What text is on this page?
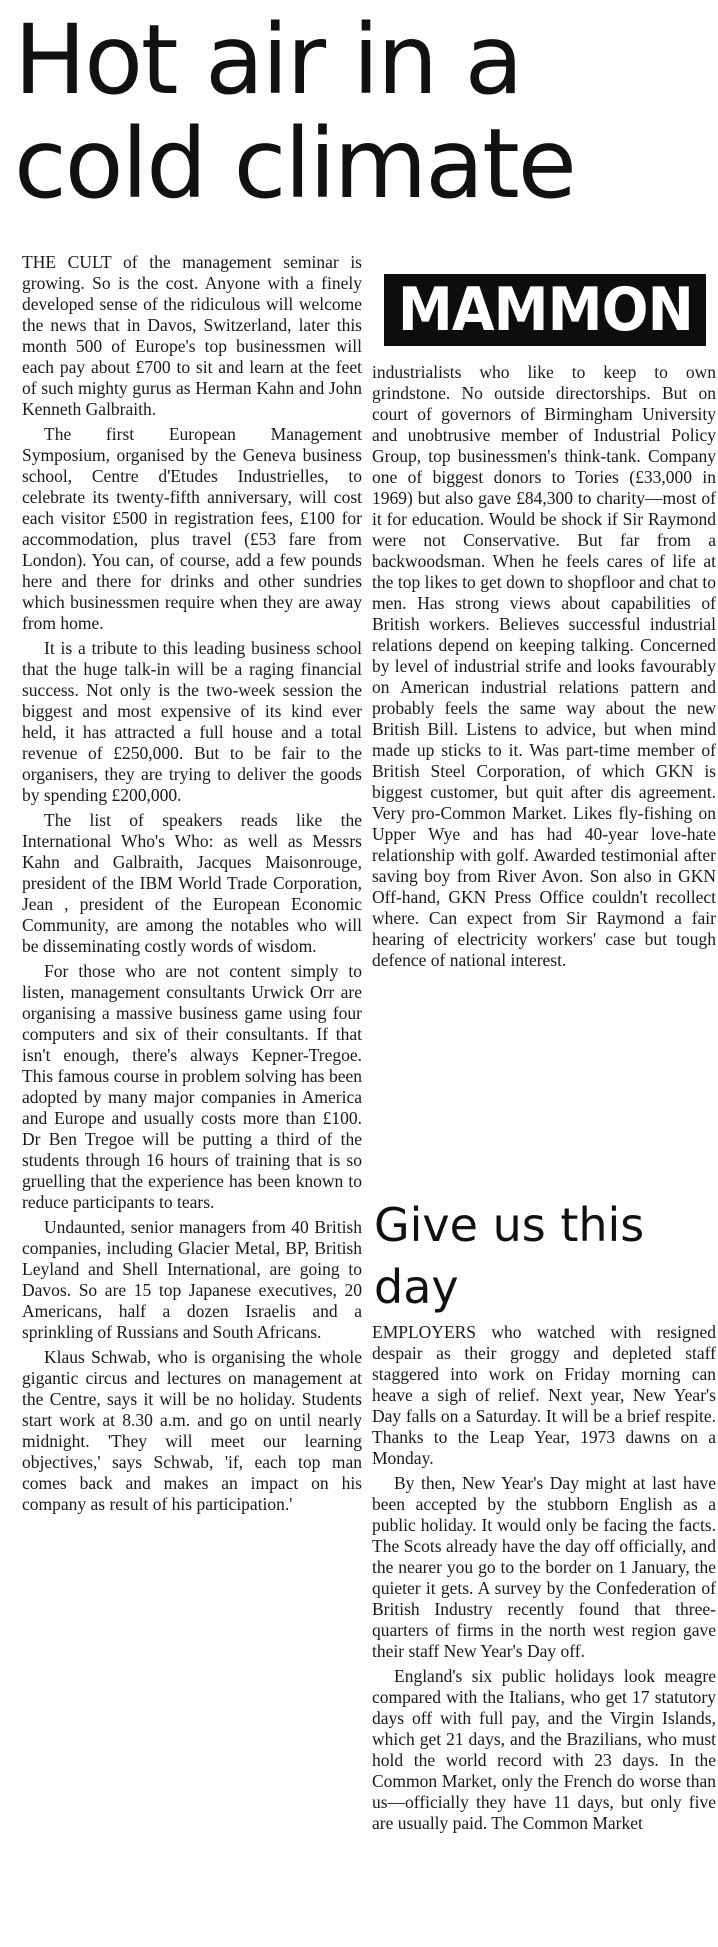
Hot air in a cold climate

THE CULT of the management seminar is growing. So is the cost. Anyone with a finely developed sense of the ridiculous will welcome the news that in Davos, Switzerland, later this month 500 of Europe's top businessmen will each pay about £700 to sit and learn at the feet of such mighty gurus as Herman Kahn and John Kenneth Galbraith.

The first European Management Symposium, organised by the Geneva business school, Centre d'Etudes Industrielles, to celebrate its twenty-fifth anniversary, will cost each visitor £500 in registration fees, £100 for accommodation, plus travel (£53 fare from London). You can, of course, add a few pounds here and there for drinks and other sundries which businessmen require when they are away from home.

It is a tribute to this leading business school that the huge talk-in will be a raging financial success. Not only is the two-week session the biggest and most expensive of its kind ever held, it has attracted a full house and a total revenue of £250,000. But to be fair to the organisers, they are trying to deliver the goods by spending £200,000.

The list of speakers reads like the International Who's Who: as well as Messrs Kahn and Galbraith, Jacques Maisonrouge, president of the IBM World Trade Corporation, Jean , president of the European Economic Community, are among the notables who will be disseminating costly words of wisdom.

For those who are not content simply to listen, management consultants Urwick Orr are organising a massive business game using four computers and six of their consultants. If that isn't enough, there's always Kepner-Tregoe. This famous course in problem solving has been adopted by many major companies in America and Europe and usually costs more than £100. Dr Ben Tregoe will be putting a third of the students through 16 hours of training that is so gruelling that the experience has been known to reduce participants to tears.

Undaunted, senior managers from 40 British companies, including Glacier Metal, BP, British Leyland and Shell International, are going to Davos. So are 15 top Japanese executives, 20 Americans, half a dozen Israelis and a sprinkling of Russians and South Africans.

Klaus Schwab, who is organising the whole gigantic circus and lectures on management at the Centre, says it will be no holiday. Students start work at 8.30 a.m. and go on until nearly midnight. 'They will meet our learning objectives,' says Schwab, 'if, each top man comes back and makes an impact on his company as result of his participation.'

MAMMON

industrialists who like to keep to own grindstone. No outside directorships. But on court of governors of Birmingham University and unobtrusive member of Industrial Policy Group, top businessmen's think-tank. Company one of biggest donors to Tories (£33,000 in 1969) but also gave £84,300 to charity—most of it for education. Would be shock if Sir Raymond were not Conservative. But far from a backwoodsman. When he feels cares of life at the top likes to get down to shopfloor and chat to men. Has strong views about capabilities of British workers. Believes successful industrial relations depend on keeping talking. Concerned by level of industrial strife and looks favourably on American industrial relations pattern and probably feels the same way about the new British Bill. Listens to advice, but when mind made up sticks to it. Was part-time member of British Steel Corporation, of which GKN is biggest customer, but quit after dis agreement. Very pro-Common Market. Likes fly-fishing on Upper Wye and has had 40-year love-hate relationship with golf. Awarded testimonial after saving boy from River Avon. Son also in GKN Off-hand, GKN Press Office couldn't recollect where. Can expect from Sir Raymond a fair hearing of electricity workers' case but tough defence of national interest.

Give us this day

EMPLOYERS who watched with resigned despair as their groggy and depleted staff staggered into work on Friday morning can heave a sigh of relief. Next year, New Year's Day falls on a Saturday. It will be a brief respite. Thanks to the Leap Year, 1973 dawns on a Monday.

By then, New Year's Day might at last have been accepted by the stubborn English as a public holiday. It would only be facing the facts. The Scots already have the day off officially, and the nearer you go to the border on 1 January, the quieter it gets. A survey by the Confederation of British Industry recently found that three-quarters of firms in the north west region gave their staff New Year's Day off.

England's six public holidays look meagre compared with the Italians, who get 17 statutory days off with full pay, and the Virgin Islands, which get 21 days, and the Brazilians, who must hold the world record with 23 days. In the Common Market, only the French do worse than us—officially they have 11 days, but only five are usually paid. The Common Market
